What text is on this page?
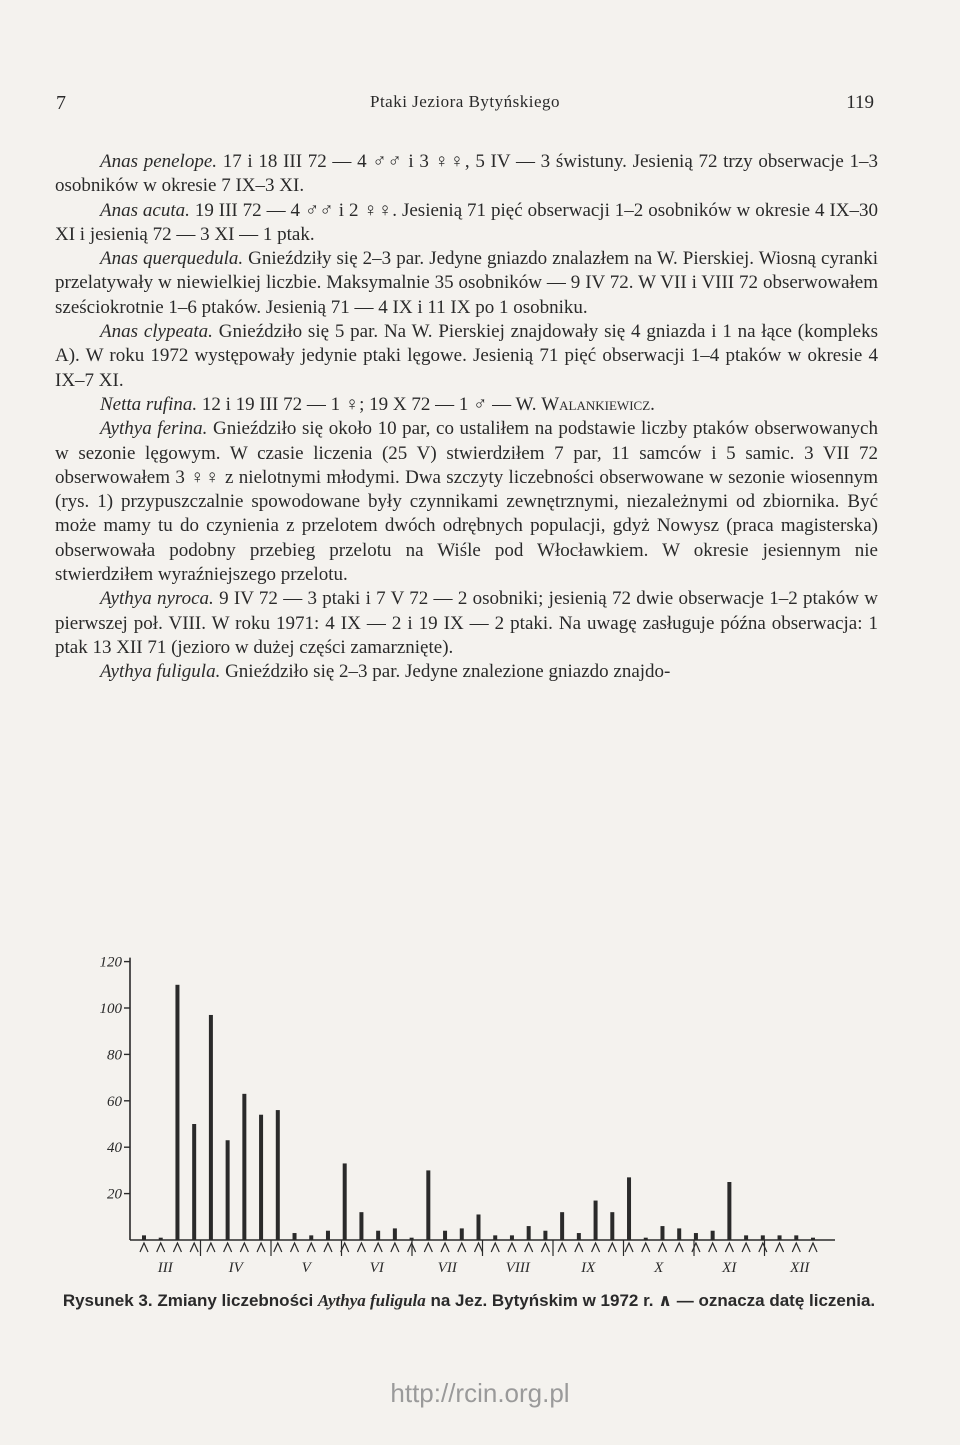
7	Ptaki Jeziora Bytyńskiego	119

Anas penelope. 17 i 18 III 72 — 4 ♂♂ i 3 ♀♀, 5 IV — 3 świstuny. Jesienią 72 trzy obserwacje 1–3 osobników w okresie 7 IX–3 XI.

Anas acuta. 19 III 72 — 4 ♂♂ i 2 ♀♀. Jesienią 71 pięć obserwacji 1–2 osobników w okresie 4 IX–30 XI i jesienią 72 — 3 XI — 1 ptak.

Anas querquedula. Gnieździły się 2–3 par. Jedyne gniazdo znalazłem na W. Pierskiej. Wiosną cyranki przelatywały w niewielkiej liczbie. Maksymalnie 35 osobników — 9 IV 72. W VII i VIII 72 obserwowałem sześciokrotnie 1–6 ptaków. Jesienią 71 — 4 IX i 11 IX po 1 osobniku.

Anas clypeata. Gnieździło się 5 par. Na W. Pierskiej znajdowały się 4 gniazda i 1 na łące (kompleks A). W roku 1972 występowały jedynie ptaki lęgowe. Jesienią 71 pięć obserwacji 1–4 ptaków w okresie 4 IX–7 XI.

Netta rufina. 12 i 19 III 72 — 1 ♀; 19 X 72 — 1 ♂ — W. Walankiewicz.

Aythya ferina. Gnieździło się około 10 par, co ustaliłem na podstawie liczby ptaków obserwowanych w sezonie lęgowym. W czasie liczenia (25 V) stwierdziłem 7 par, 11 samców i 5 samic. 3 VII 72 obserwowałem 3 ♀♀ z nielotnymi młodymi. Dwa szczyty liczebności obserwowane w sezonie wiosennym (rys. 1) przypuszczalnie spowodowane były czynnikami zewnętrznymi, niezależnymi od zbiornika. Być może mamy tu do czynienia z przelotem dwóch odrębnych populacji, gdyż Nowysz (praca magisterska) obserwowała podobny przebieg przelotu na Wiśle pod Włocławkiem. W okresie jesiennym nie stwierdziłem wyraźniejszego przelotu.

Aythya nyroca. 9 IV 72 — 3 ptaki i 7 V 72 — 2 osobniki; jesienią 72 dwie obserwacje 1–2 ptaków w pierwszej poł. VIII. W roku 1971: 4 IX — 2 i 19 IX — 2 ptaki. Na uwagę zasługuje późna obserwacja: 1 ptak 13 XII 71 (jezioro w dużej części zamarznięte).

Aythya fuligula. Gnieździło się 2–3 par. Jedyne znalezione gniazdo znajdo-

20
40
60
80
100
120
III	IV	V	VI	VII	VIII	IX	X	XI	XII
Rysunek 3. Zmiany liczebności Aythya fuligula na Jez. Bytyńskim w 1972 r. ∧ — oznacza datę liczenia.
http://rcin.org.pl
